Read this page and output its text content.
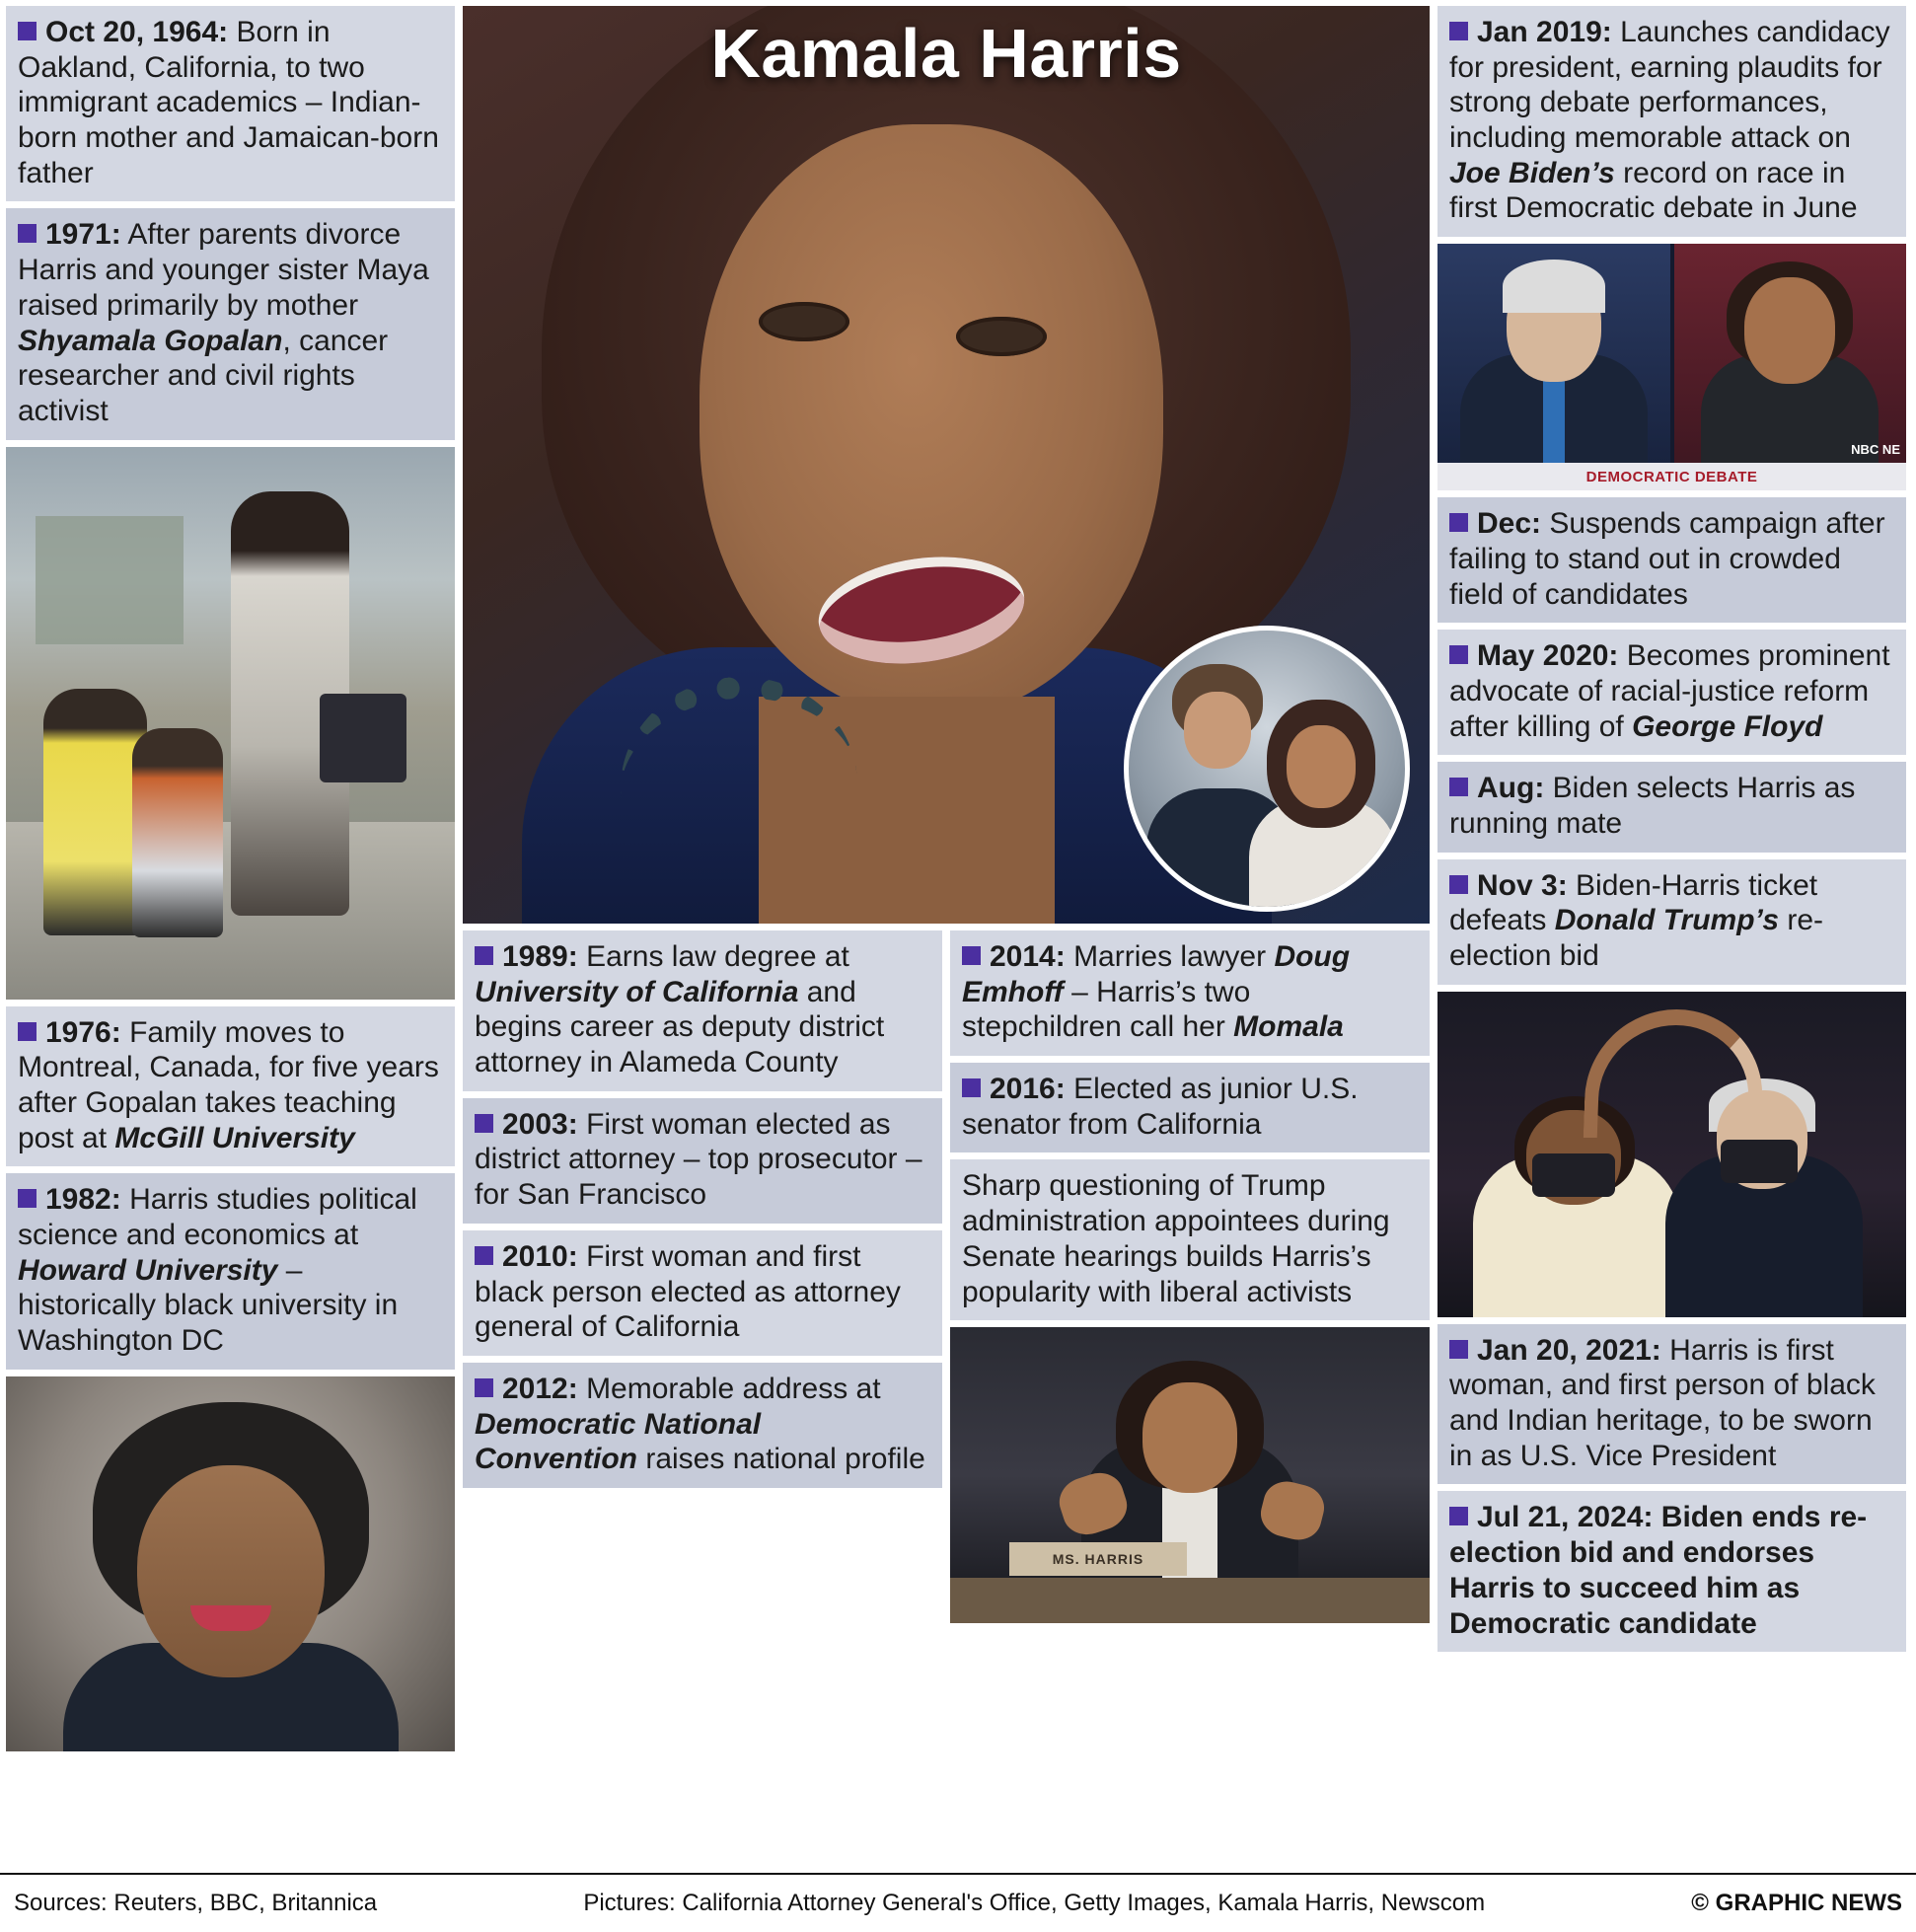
Oct 20, 1964: Born in Oakland, California, to two immigrant academics – Indian-born mother and Jamaican-born father
1971: After parents divorce Harris and younger sister Maya raised primarily by mother Shyamala Gopalan, cancer researcher and civil rights activist
1976: Family moves to Montreal, Canada, for five years after Gopalan takes teaching post at McGill University
1982: Harris studies political science and economics at Howard University – historically black university in Washington DC
Kamala Harris
1989: Earns law degree at University of California and begins career as deputy district attorney in Alameda County
2003: First woman elected as district attorney – top prosecutor – for San Francisco
2010: First woman and first black person elected as attorney general of California
2012: Memorable address at Democratic National Convention raises national profile
2014: Marries lawyer Doug Emhoff – Harris’s two stepchildren call her Momala
2016: Elected as junior U.S. senator from California
Sharp questioning of Trump administration appointees during Senate hearings builds Harris’s popularity with liberal activists
MS. HARRIS
Jan 2019: Launches candidacy for president, earning plaudits for strong debate performances, including memorable attack on Joe Biden’s record on race in first Democratic debate in June
NBC NE
DEMOCRATIC DEBATE
Dec: Suspends campaign after failing to stand out in crowded field of candidates
May 2020: Becomes prominent advocate of racial-justice reform after killing of George Floyd
Aug: Biden selects Harris as running mate
Nov 3: Biden-Harris ticket defeats Donald Trump’s re-election bid
Jan 20, 2021: Harris is first woman, and first person of black and Indian heritage, to be sworn in as U.S. Vice President
Jul 21, 2024: Biden ends re-election bid and endorses Harris to succeed him as Democratic candidate
Sources: Reuters, BBC, Britannica	Pictures: California Attorney General's Office, Getty Images, Kamala Harris, Newscom	© GRAPHIC NEWS
